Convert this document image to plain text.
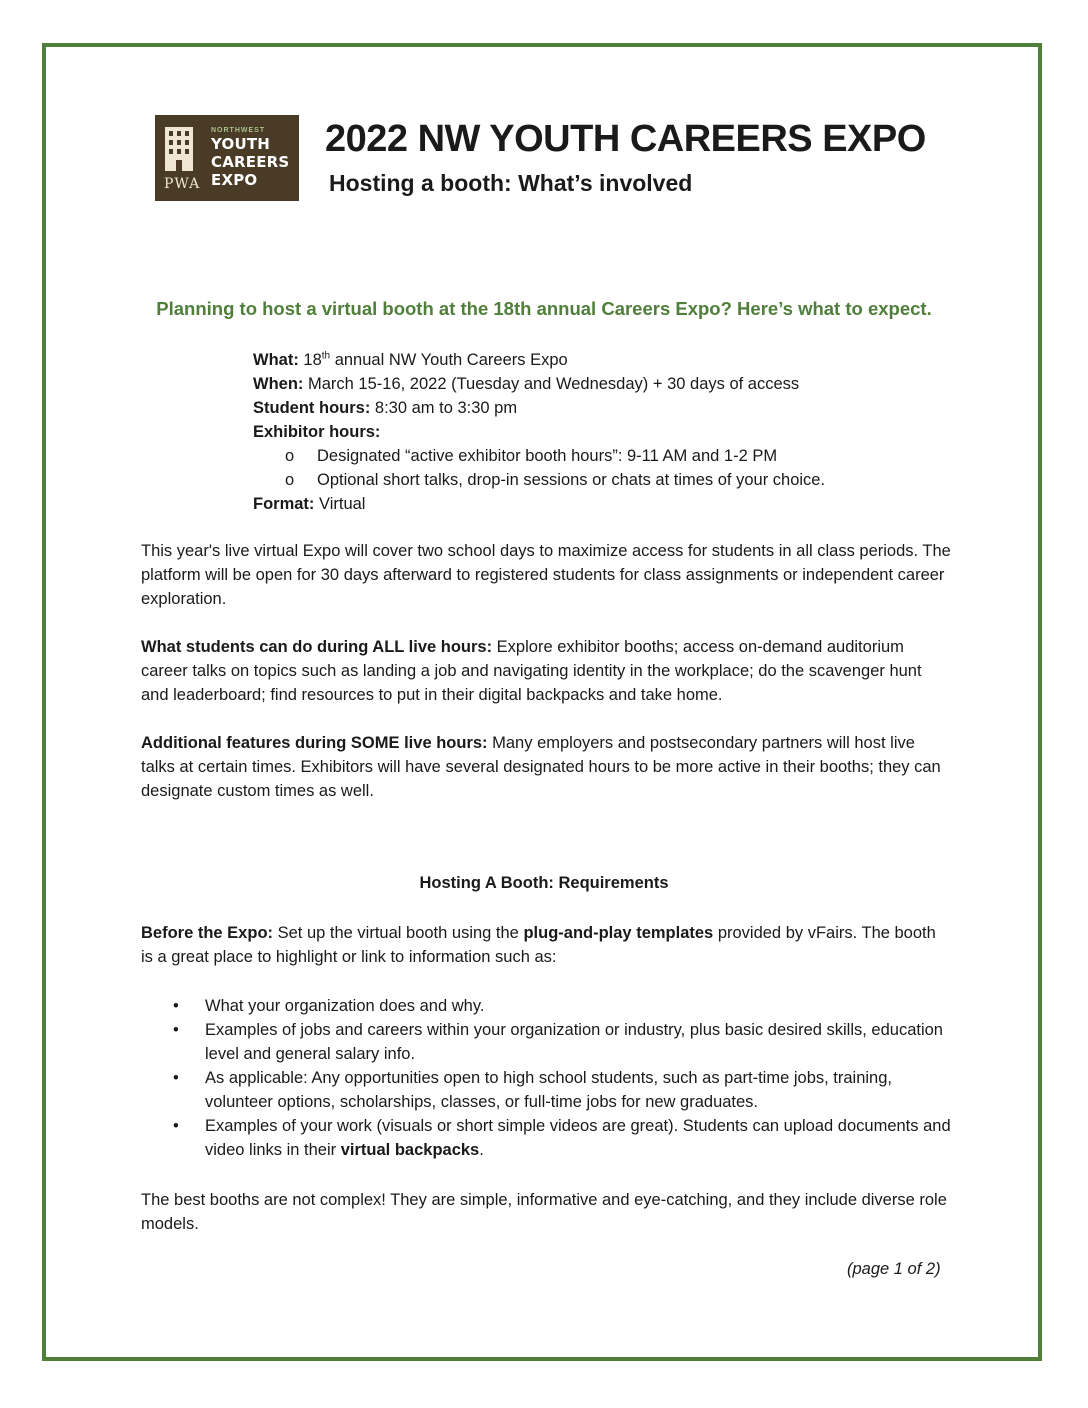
PWA
NORTHWEST
YOUTH
CAREERS
EXPO
2022 NW YOUTH CAREERS EXPO
Hosting a booth: What’s involved
Planning to host a virtual booth at the 18th annual Careers Expo? Here’s what to expect.
What: 18th annual NW Youth Careers Expo
When: March 15-16, 2022 (Tuesday and Wednesday) + 30 days of access
Student hours: 8:30 am to 3:30 pm
Exhibitor hours:
o Designated “active exhibitor booth hours”: 9-11 AM and 1-2 PM
o Optional short talks, drop-in sessions or chats at times of your choice.
Format: Virtual
This year's live virtual Expo will cover two school days to maximize access for students in all class periods. The platform will be open for 30 days afterward to registered students for class assignments or independent career exploration.
What students can do during ALL live hours: Explore exhibitor booths; access on-demand auditorium career talks on topics such as landing a job and navigating identity in the workplace; do the scavenger hunt and leaderboard; find resources to put in their digital backpacks and take home.
Additional features during SOME live hours: Many employers and postsecondary partners will host live talks at certain times. Exhibitors will have several designated hours to be more active in their booths; they can designate custom times as well.
Hosting A Booth: Requirements
Before the Expo: Set up the virtual booth using the plug-and-play templates provided by vFairs. The booth is a great place to highlight or link to information such as:
• What your organization does and why.
• Examples of jobs and careers within your organization or industry, plus basic desired skills, education level and general salary info.
• As applicable: Any opportunities open to high school students, such as part-time jobs, training, volunteer options, scholarships, classes, or full-time jobs for new graduates.
• Examples of your work (visuals or short simple videos are great). Students can upload documents and video links in their virtual backpacks.
The best booths are not complex! They are simple, informative and eye-catching, and they include diverse role models.
(page 1 of 2)
